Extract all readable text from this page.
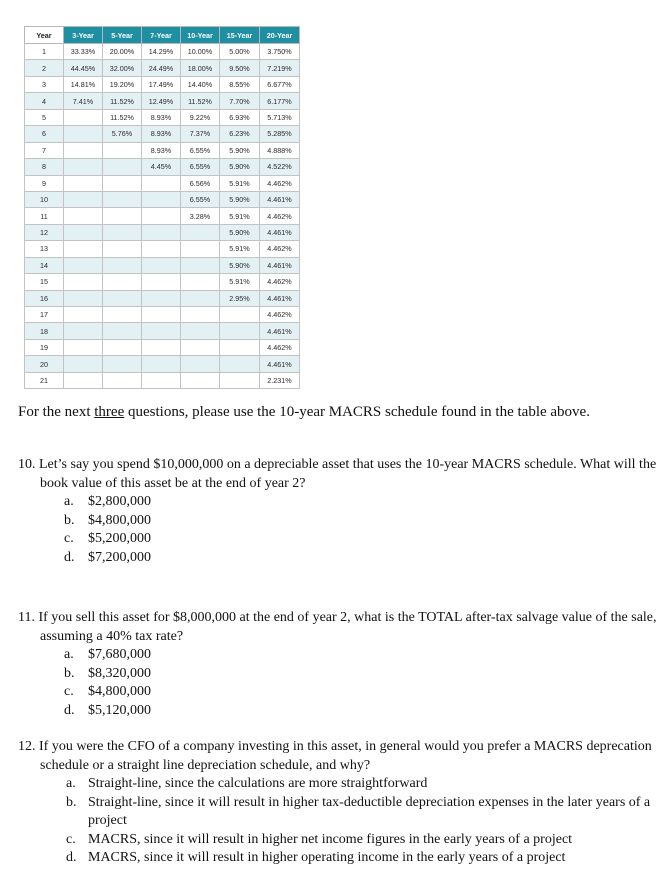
Year	3-Year	5-Year	7-Year	10-Year	15-Year	20-Year
1	33.33%	20.00%	14.29%	10.00%	5.00%	3.750%
2	44.45%	32.00%	24.49%	18.00%	9.50%	7.219%
3	14.81%	19.20%	17.49%	14.40%	8.55%	6.677%
4	7.41%	11.52%	12.49%	11.52%	7.70%	6.177%
5		11.52%	8.93%	9.22%	6.93%	5.713%
6		5.76%	8.93%	7.37%	6.23%	5.285%
7			8.93%	6.55%	5.90%	4.888%
8			4.45%	6.55%	5.90%	4.522%
9				6.56%	5.91%	4.462%
10				6.55%	5.90%	4.461%
11				3.28%	5.91%	4.462%
12					5.90%	4.461%
13					5.91%	4.462%
14					5.90%	4.461%
15					5.91%	4.462%
16					2.95%	4.461%
17						4.462%
18						4.461%
19						4.462%
20						4.461%
21						2.231%
For the next three questions, please use the 10-year MACRS schedule found in the table above.
10. Let’s say you spend $10,000,000 on a depreciable asset that uses the 10-year MACRS schedule. What will the book value of this asset be at the end of year 2?
a. $2,800,000
b. $4,800,000
c. $5,200,000
d. $7,200,000
11. If you sell this asset for $8,000,000 at the end of year 2, what is the TOTAL after-tax salvage value of the sale, assuming a 40% tax rate?
a. $7,680,000
b. $8,320,000
c. $4,800,000
d. $5,120,000
12. If you were the CFO of a company investing in this asset, in general would you prefer a MACRS deprecation schedule or a straight line depreciation schedule, and why?
a. Straight-line, since the calculations are more straightforward
b. Straight-line, since it will result in higher tax-deductible depreciation expenses in the later years of a project
c. MACRS, since it will result in higher net income figures in the early years of a project
d. MACRS, since it will result in higher operating income in the early years of a project
